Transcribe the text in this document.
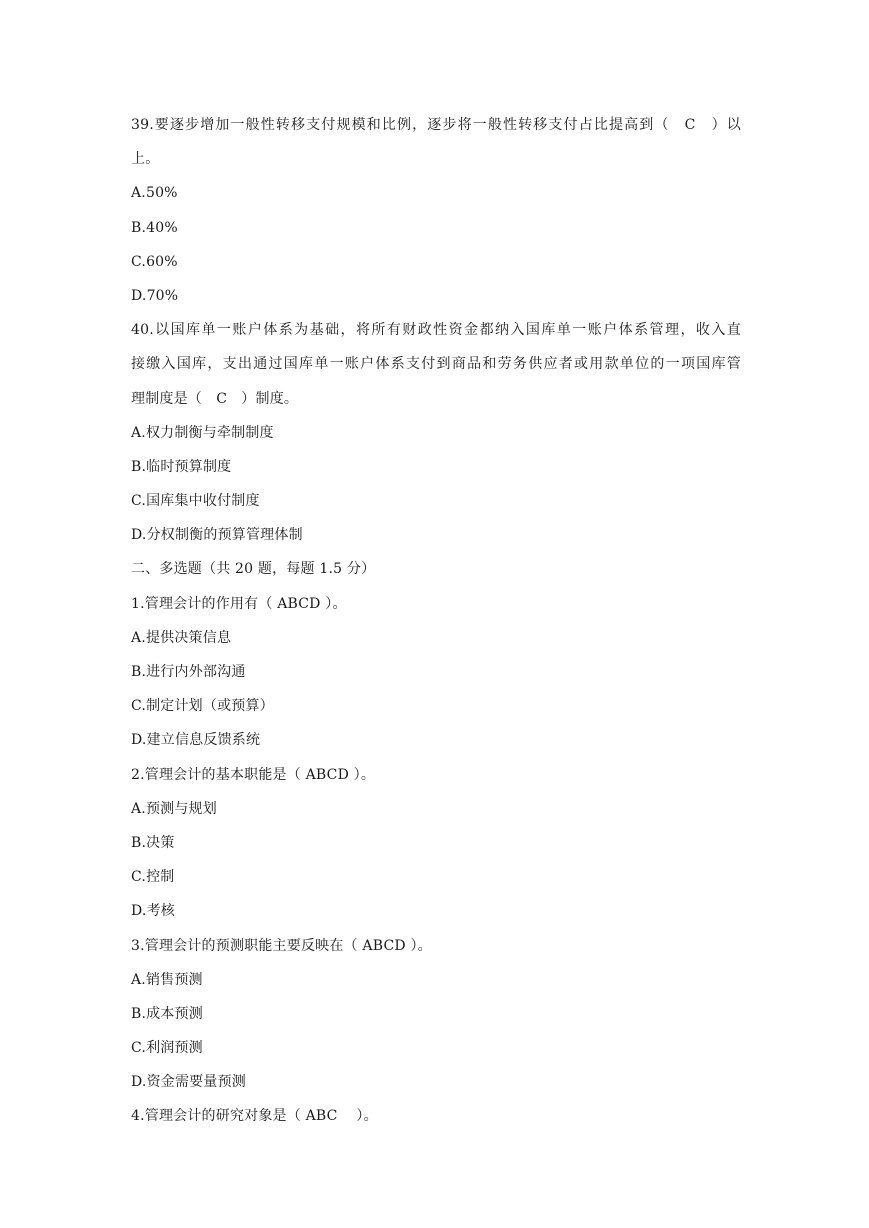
39.要逐步增加一般性转移支付规模和比例，逐步将一般性转移支付占比提高到（　C　）以
上。
A.50%
B.40%
C.60%
D.70%
40.以国库单一账户体系为基础，将所有财政性资金都纳入国库单一账户体系管理，收入直
接缴入国库，支出通过国库单一账户体系支付到商品和劳务供应者或用款单位的一项国库管
理制度是（　C　）制度。
A.权力制衡与牵制制度
B.临时预算制度
C.国库集中收付制度
D.分权制衡的预算管理体制
二、多选题（共 20 题，每题 1.5 分）
1.管理会计的作用有（ ABCD ）。
A.提供决策信息
B.进行内外部沟通
C.制定计划（或预算）
D.建立信息反馈系统
2.管理会计的基本职能是（ ABCD ）。
A.预测与规划
B.决策
C.控制
D.考核
3.管理会计的预测职能主要反映在（ ABCD ）。
A.销售预测
B.成本预测
C.利润预测
D.资金需要量预测
4.管理会计的研究对象是（ ABC　 ）。
